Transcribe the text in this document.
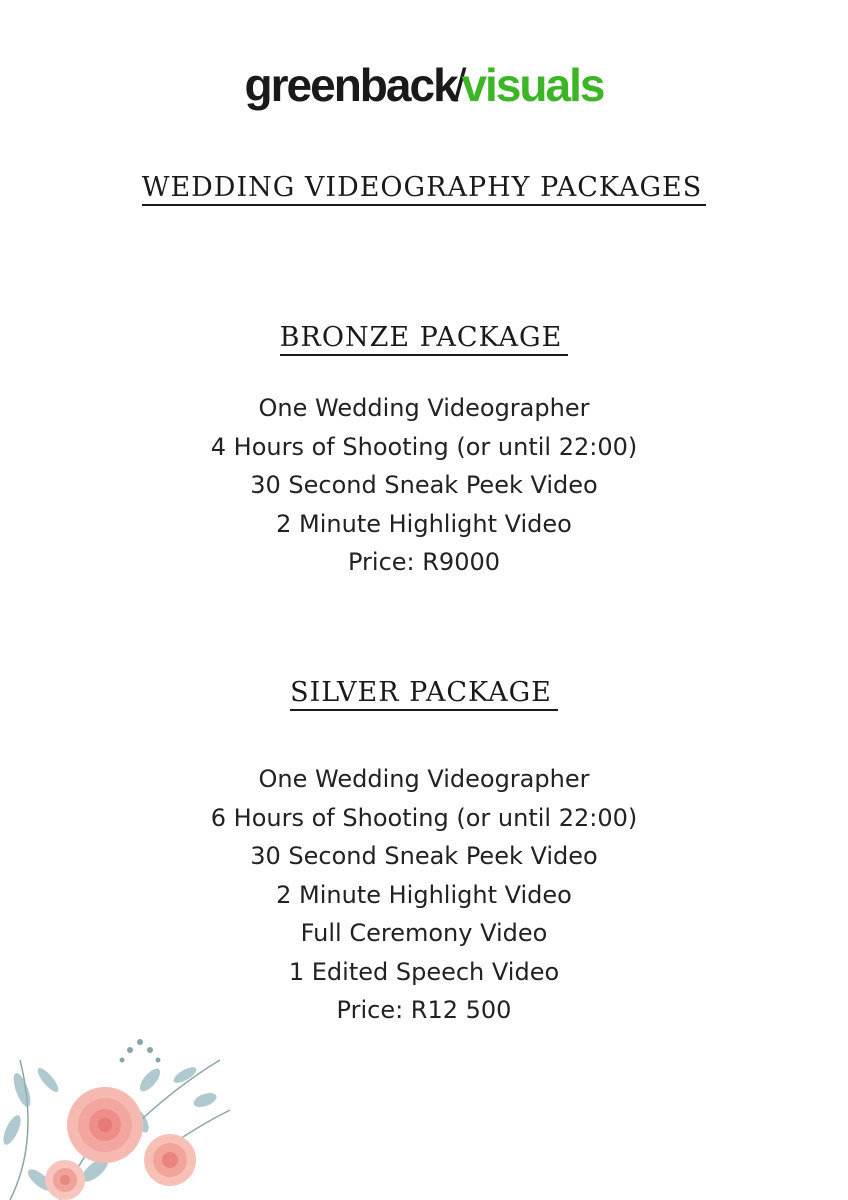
greenback/visuals
WEDDING VIDEOGRAPHY PACKAGES
BRONZE PACKAGE
One Wedding Videographer
4 Hours of Shooting (or until 22:00)
30 Second Sneak Peek Video
2 Minute Highlight Video
Price: R9000
SILVER PACKAGE
One Wedding Videographer
6 Hours of Shooting (or until 22:00)
30 Second Sneak Peek Video
2 Minute Highlight Video
Full Ceremony Video
1 Edited Speech Video
Price: R12 500
